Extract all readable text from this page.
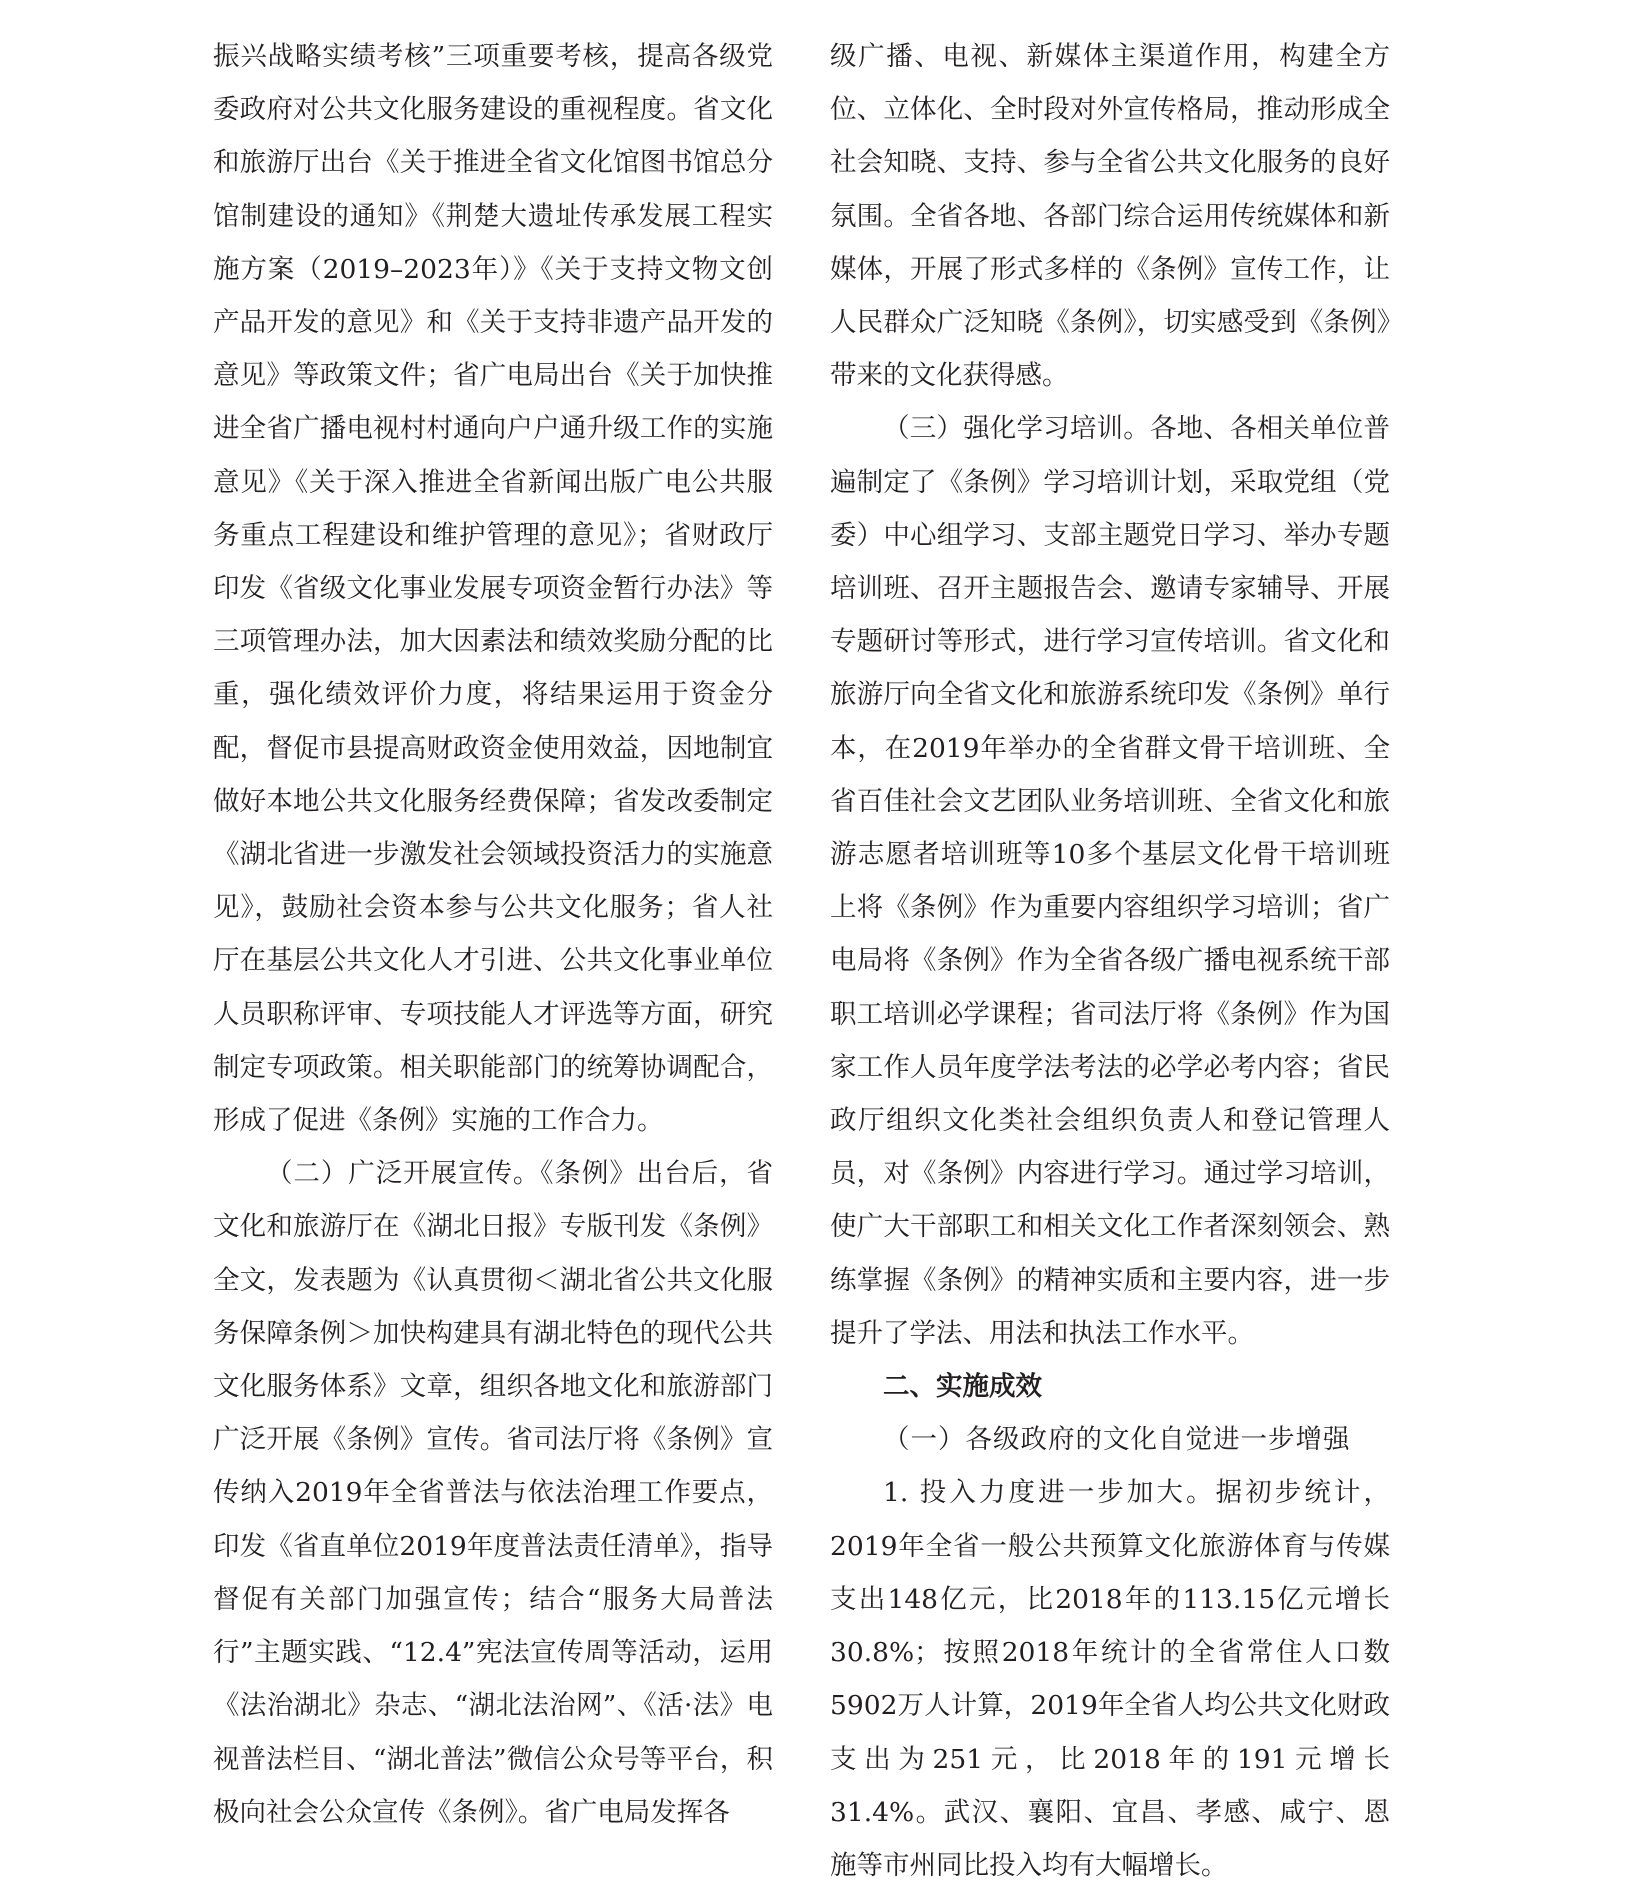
振兴战略实绩考核”三项重要考核，提高各级党委政府对公共文化服务建设的重视程度。省文化和旅游厅出台《关于推进全省文化馆图书馆总分馆制建设的通知》《荆楚大遗址传承发展工程实施方案（2019–2023年）》《关于支持文物文创产品开发的意见》和《关于支持非遗产品开发的意见》等政策文件；省广电局出台《关于加快推进全省广播电视村村通向户户通升级工作的实施意见》《关于深入推进全省新闻出版广电公共服务重点工程建设和维护管理的意见》；省财政厅印发《省级文化事业发展专项资金暂行办法》等三项管理办法，加大因素法和绩效奖励分配的比重，强化绩效评价力度，将结果运用于资金分配，督促市县提高财政资金使用效益，因地制宜做好本地公共文化服务经费保障；省发改委制定《湖北省进一步激发社会领域投资活力的实施意见》，鼓励社会资本参与公共文化服务；省人社厅在基层公共文化人才引进、公共文化事业单位人员职称评审、专项技能人才评选等方面，研究制定专项政策。相关职能部门的统筹协调配合，形成了促进《条例》实施的工作合力。

（二）广泛开展宣传。《条例》出台后，省文化和旅游厅在《湖北日报》专版刊发《条例》全文，发表题为《认真贯彻＜湖北省公共文化服务保障条例＞加快构建具有湖北特色的现代公共文化服务体系》文章，组织各地文化和旅游部门广泛开展《条例》宣传。省司法厅将《条例》宣传纳入2019年全省普法与依法治理工作要点，印发《省直单位2019年度普法责任清单》，指导督促有关部门加强宣传；结合“服务大局普法行”主题实践、“12.4”宪法宣传周等活动，运用《法治湖北》杂志、“湖北法治网”、《活·法》电视普法栏目、“湖北普法”微信公众号等平台，积极向社会公众宣传《条例》。省广电局发挥各

级广播、电视、新媒体主渠道作用，构建全方位、立体化、全时段对外宣传格局，推动形成全社会知晓、支持、参与全省公共文化服务的良好氛围。全省各地、各部门综合运用传统媒体和新媒体，开展了形式多样的《条例》宣传工作，让人民群众广泛知晓《条例》，切实感受到《条例》带来的文化获得感。

（三）强化学习培训。各地、各相关单位普遍制定了《条例》学习培训计划，采取党组（党委）中心组学习、支部主题党日学习、举办专题培训班、召开主题报告会、邀请专家辅导、开展专题研讨等形式，进行学习宣传培训。省文化和旅游厅向全省文化和旅游系统印发《条例》单行本，在2019年举办的全省群文骨干培训班、全省百佳社会文艺团队业务培训班、全省文化和旅游志愿者培训班等10多个基层文化骨干培训班上将《条例》作为重要内容组织学习培训；省广电局将《条例》作为全省各级广播电视系统干部职工培训必学课程；省司法厅将《条例》作为国家工作人员年度学法考法的必学必考内容；省民政厅组织文化类社会组织负责人和登记管理人员，对《条例》内容进行学习。通过学习培训，使广大干部职工和相关文化工作者深刻领会、熟练掌握《条例》的精神实质和主要内容，进一步提升了学法、用法和执法工作水平。

二、实施成效

（一）各级政府的文化自觉进一步增强

1. 投入力度进一步加大。据初步统计，2019年全省一般公共预算文化旅游体育与传媒支出148亿元，比2018年的113.15亿元增长30.8%；按照2018年统计的全省常住人口数5902万人计算，2019年全省人均公共文化财政支出为251元，比2018年的191元增长31.4%。武汉、襄阳、宜昌、孝感、咸宁、恩施等市州同比投入均有大幅增长。
